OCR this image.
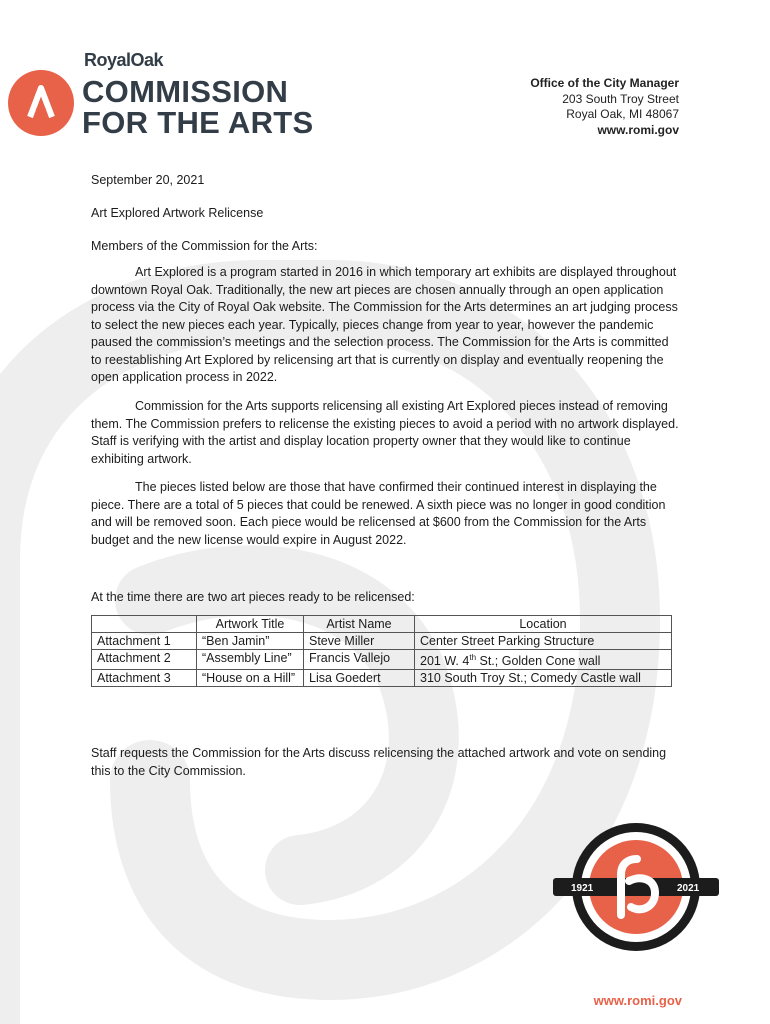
RoyalOak
COMMISSION
FOR THE ARTS
Office of the City Manager
203 South Troy Street
Royal Oak, MI 48067
www.romi.gov
September 20, 2021
Art Explored Artwork Relicense
Members of the Commission for the Arts:
Art Explored is a program started in 2016 in which temporary art exhibits are displayed throughout downtown Royal Oak. Traditionally, the new art pieces are chosen annually through an open application process via the City of Royal Oak website. The Commission for the Arts determines an art judging process to select the new pieces each year. Typically, pieces change from year to year, however the pandemic paused the commission’s meetings and the selection process. The Commission for the Arts is committed to reestablishing Art Explored by relicensing art that is currently on display and eventually reopening the open application process in 2022.
Commission for the Arts supports relicensing all existing Art Explored pieces instead of removing them. The Commission prefers to relicense the existing pieces to avoid a period with no artwork displayed. Staff is verifying with the artist and display location property owner that they would like to continue exhibiting artwork.
The pieces listed below are those that have confirmed their continued interest in displaying the piece. There are a total of 5 pieces that could be renewed. A sixth piece was no longer in good condition and will be removed soon. Each piece would be relicensed at $600 from the Commission for the Arts budget and the new license would expire in August 2022.
At the time there are two art pieces ready to be relicensed:
	Artwork Title	Artist Name	Location
Attachment 1	“Ben Jamin”	Steve Miller	Center Street Parking Structure
Attachment 2	“Assembly Line”	Francis Vallejo	201 W. 4th St.; Golden Cone wall
Attachment 3	“House on a Hill”	Lisa Goedert	310 South Troy St.; Comedy Castle wall
Staff requests the Commission for the Arts discuss relicensing the attached artwork and vote on sending this to the City Commission.
1921	2021
www.romi.gov
